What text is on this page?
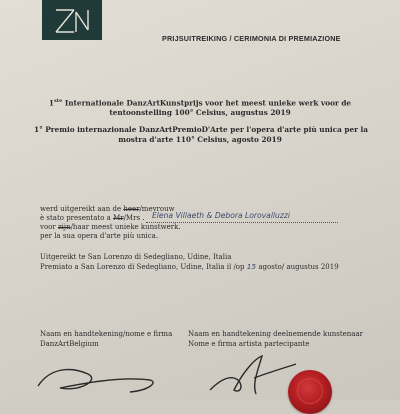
PRIJSUITREIKING / CERIMONIA DI PREMIAZIONE
1ste Internationale DanzArtKunstprijs voor het meest unieke werk voor de
tentoonstelling 100° Celsius, augustus 2019
1° Premio internazionale DanzArtPremioD'Arte per l'opera d'arte più unica per la
mostra d'arte 110° Celsius, agosto 2019
werd uitgereikt aan de heer/mevrouw
è stato presentato a Mr/Mrs . Elena Villaeth & Debora Lorovalluzzi
voor zijn/haar meest unieke kunstwerk.
per la sua opera d'arte più unica.
Uitgereikt te San Lorenzo di Sedegliano, Udine, Italia
Premiato a San Lorenzo di Sedegliano, Udine, Italia il /op 15 agosto/ augustus 2019
Naam en handtekening/nome e firma
DanzArtBelgium
Naam en handtekening deelnemende kunstenaar
Nome e firma artista partecipante
